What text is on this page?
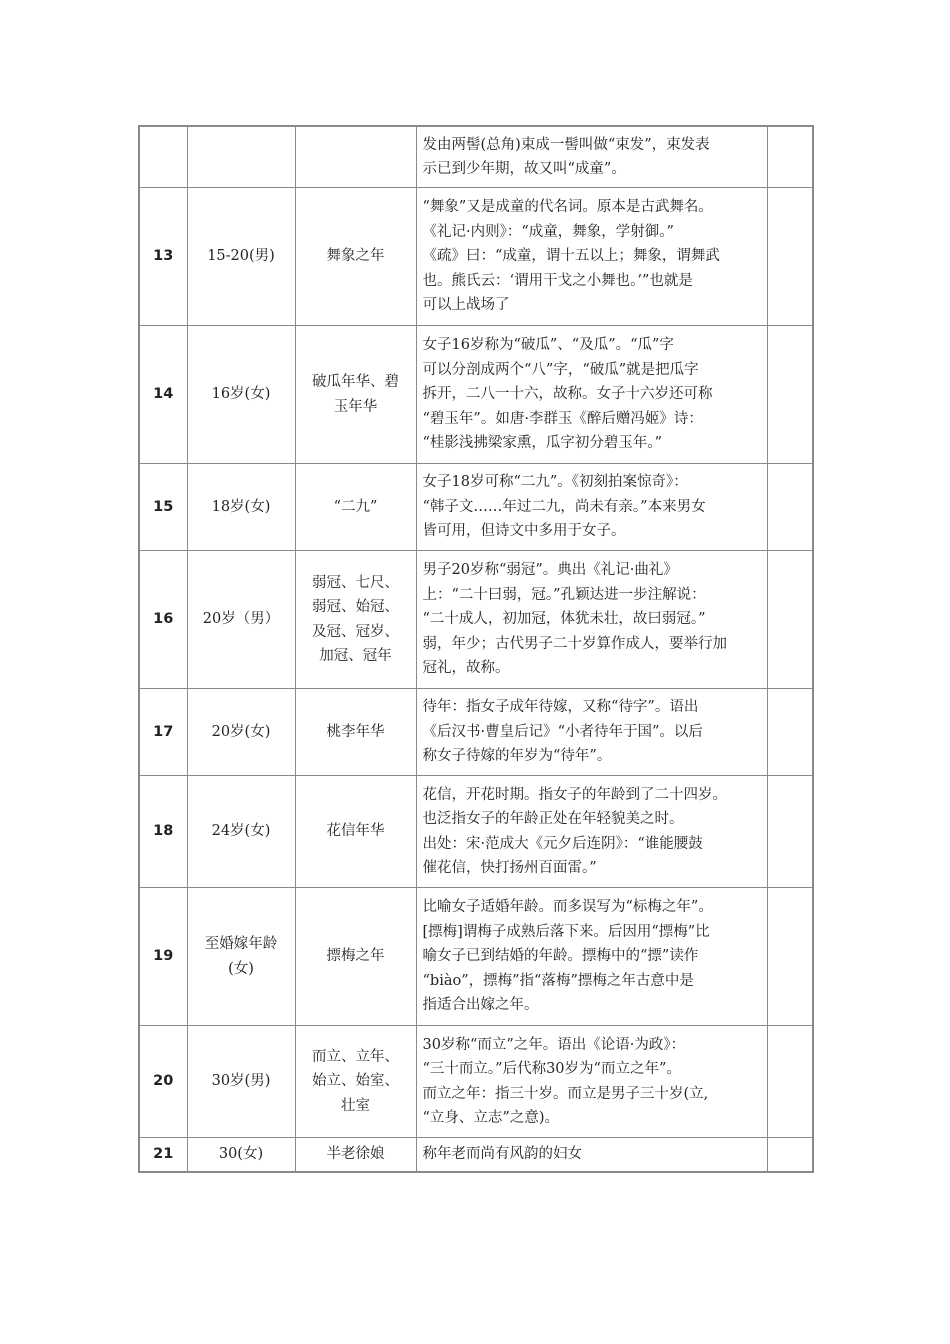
			发由两髻(总角)束成一髻叫做“束发”，束发表
示已到少年期，故又叫“成童”。	

13	15-20(男)	舞象之年	“舞象”又是成童的代名词。原本是古武舞名。
《礼记·内则》：“成童，舞象，学射御。”
《疏》曰：“成童，谓十五以上；舞象，谓舞武
也。熊氏云：‘谓用干戈之小舞也。’”也就是
可以上战场了	

14	16岁(女)	破瓜年华、碧
玉年华	女子16岁称为“破瓜”、“及瓜”。“瓜”字
可以分剖成两个“八”字，“破瓜”就是把瓜字
拆开，二八一十六，故称。女子十六岁还可称
“碧玉年”。如唐·李群玉《醉后赠冯姬》诗：
“桂影浅拂梁家熏，瓜字初分碧玉年。”	

15	18岁(女)	“二九”	女子18岁可称“二九”。《初刻拍案惊奇》：
“韩子文……年过二九，尚未有亲。”本来男女
皆可用，但诗文中多用于女子。	

16	20岁（男）	弱冠、七尺、
弱冠、始冠、
及冠、冠岁、
加冠、冠年	男子20岁称“弱冠”。典出《礼记·曲礼》
上：“二十曰弱，冠。”孔颖达进一步注解说：
“二十成人，初加冠，体犹未壮，故曰弱冠。”
弱，年少；古代男子二十岁算作成人，要举行加
冠礼，故称。	

17	20岁(女)	桃李年华	待年：指女子成年待嫁，又称“待字”。语出
《后汉书·曹皇后记》“小者待年于国”。以后
称女子待嫁的年岁为“待年”。	

18	24岁(女)	花信年华	花信，开花时期。指女子的年龄到了二十四岁。
也泛指女子的年龄正处在年轻貌美之时。
出处：宋·范成大《元夕后连阴》：“谁能腰鼓
催花信，快打扬州百面雷。”	

19	至婚嫁年龄
(女)	摽梅之年	比喻女子适婚年龄。而多误写为“标梅之年”。
[摽梅]谓梅子成熟后落下来。后因用“摽梅”比
喻女子已到结婚的年龄。摽梅中的“摽”读作
“biào”，摽梅”指“落梅”摽梅之年古意中是
指适合出嫁之年。	

20	30岁(男)	而立、立年、
始立、始室、
壮室	30岁称“而立”之年。语出《论语·为政》：
“三十而立。”后代称30岁为“而立之年”。
而立之年：指三十岁。而立是男子三十岁(立,
“立身、立志”之意)。	

21	30(女)	半老徐娘	称年老而尚有风韵的妇女	
